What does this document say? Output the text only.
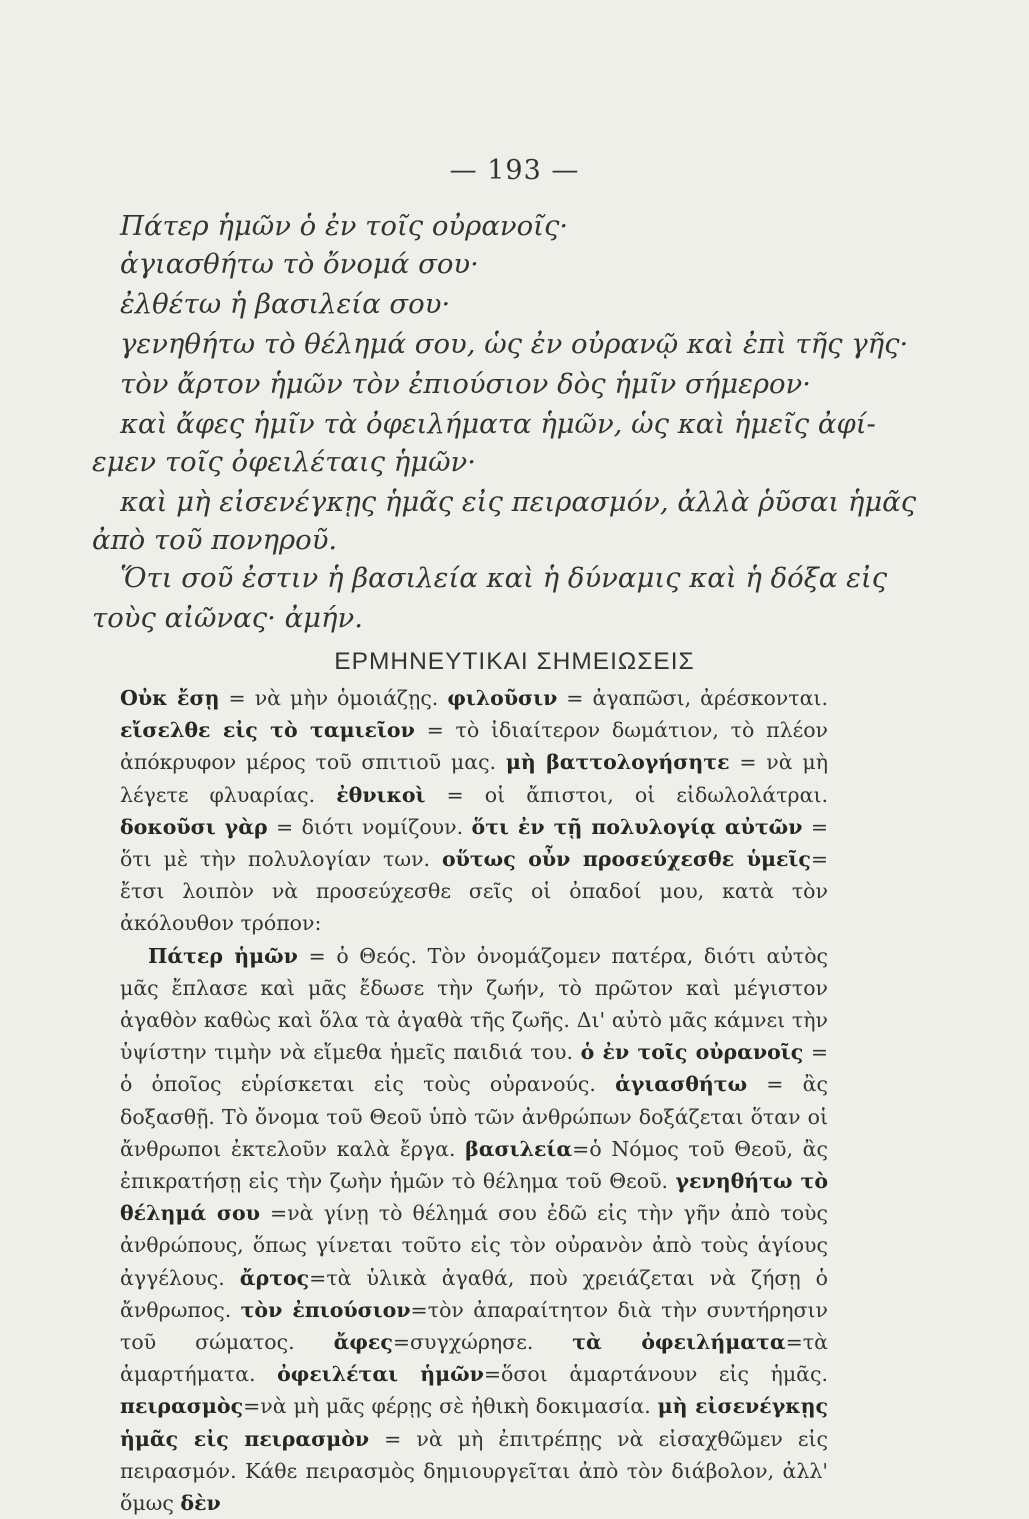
— 193 —
Πάτερ ἡμῶν ὁ ἐν τοῖς οὐρανοῖς·
ἁγιασθήτω τὸ ὄνομά σου·
ἐλθέτω ἡ βασιλεία σου·
γενηθήτω τὸ θέλημά σου, ὡς ἐν οὐρανῷ καὶ ἐπὶ τῆς γῆς·
τὸν ἄρτον ἡμῶν τὸν ἐπιούσιον δὸς ἡμῖν σήμερον·
καὶ ἄφες ἡμῖν τὰ ὀφειλήματα ἡμῶν, ὡς καὶ ἡμεῖς ἀφί-
εμεν τοῖς ὀφειλέταις ἡμῶν·
καὶ μὴ εἰσενέγκῃς ἡμᾶς εἰς πειρασμόν, ἀλλὰ ῥῦσαι ἡμᾶς
ἀπὸ τοῦ πονηροῦ.
Ὅτι σοῦ ἐστιν ἡ βασιλεία καὶ ἡ δύναμις καὶ ἡ δόξα εἰς
τοὺς αἰῶνας· ἀμήν.
ΕΡΜΗΝΕΥΤΙΚΑΙ ΣΗΜΕΙΩΣΕΙΣ

Οὐκ ἔσῃ = νὰ μὴν ὁμοιάζῃς. φιλοῦσιν = ἀγαπῶσι, ἀρέσκονται. εἴσελθε εἰς τὸ ταμιεῖον = τὸ ἰδιαίτερον δωμάτιον, τὸ πλέον ἀπόκρυφον μέρος τοῦ σπιτιοῦ μας. μὴ βαττολογήσητε = νὰ μὴ λέγετε φλυαρίας. ἐθνικοὶ = οἱ ἄπιστοι, οἱ εἰδωλολάτραι. δοκοῦσι γὰρ = διότι νομίζουν. ὅτι ἐν τῇ πολυλογίᾳ αὐτῶν = ὅτι μὲ τὴν πολυλογίαν των. οὕτως οὖν προσεύχεσθε ὑμεῖς= ἔτσι λοιπὸν νὰ προσεύχεσθε σεῖς οἱ ὀπαδοί μου, κατὰ τὸν ἀκόλουθον τρόπον:

Πάτερ ἡμῶν = ὁ Θεός. Τὸν ὀνομάζομεν πατέρα, διότι αὐτὸς μᾶς ἔπλασε καὶ μᾶς ἔδωσε τὴν ζωήν, τὸ πρῶτον καὶ μέγιστον ἀγαθὸν καθὼς καὶ ὅλα τὰ ἀγαθὰ τῆς ζωῆς. Δι' αὐτὸ μᾶς κάμνει τὴν ὑψίστην τιμὴν νὰ εἴμεθα ἡμεῖς παιδιά του. ὁ ἐν τοῖς οὐρανοῖς = ὁ ὁποῖος εὑρίσκεται εἰς τοὺς οὐρανούς. ἁγιασθήτω = ἂς δοξασθῇ. Τὸ ὄνομα τοῦ Θεοῦ ὑπὸ τῶν ἀνθρώπων δοξάζεται ὅταν οἱ ἄνθρωποι ἐκτελοῦν καλὰ ἔργα. βασιλεία=ὁ Νόμος τοῦ Θεοῦ, ἂς ἐπικρατήσῃ εἰς τὴν ζωὴν ἡμῶν τὸ θέλημα τοῦ Θεοῦ. γενηθήτω τὸ θέλημά σου =νὰ γίνῃ τὸ θέλημά σου ἐδῶ εἰς τὴν γῆν ἀπὸ τοὺς ἀνθρώπους, ὅπως γίνεται τοῦτο εἰς τὸν οὐρανὸν ἀπὸ τοὺς ἁγίους ἀγγέλους. ἄρτος=τὰ ὑλικὰ ἀγαθά, ποὺ χρειάζεται νὰ ζήσῃ ὁ ἄνθρωπος. τὸν ἐπιούσιον=τὸν ἀπαραίτητον διὰ τὴν συντήρησιν τοῦ σώματος. ἄφες=συγχώρησε. τὰ ὀφειλήματα=τὰ ἁμαρτήματα. ὀφειλέται ἡμῶν=ὅσοι ἁμαρτάνουν εἰς ἡμᾶς. πειρασμὸς=νὰ μὴ μᾶς φέρῃς σὲ ἠθικὴ δοκιμασία. μὴ εἰσενέγκῃς ἡμᾶς εἰς πειρασμὸν = νὰ μὴ ἐπιτρέπῃς νὰ εἰσαχθῶμεν εἰς πειρασμόν. Κάθε πειρασμὸς δημιουργεῖται ἀπὸ τὸν διάβολον, ἀλλ' ὅμως δὲν
